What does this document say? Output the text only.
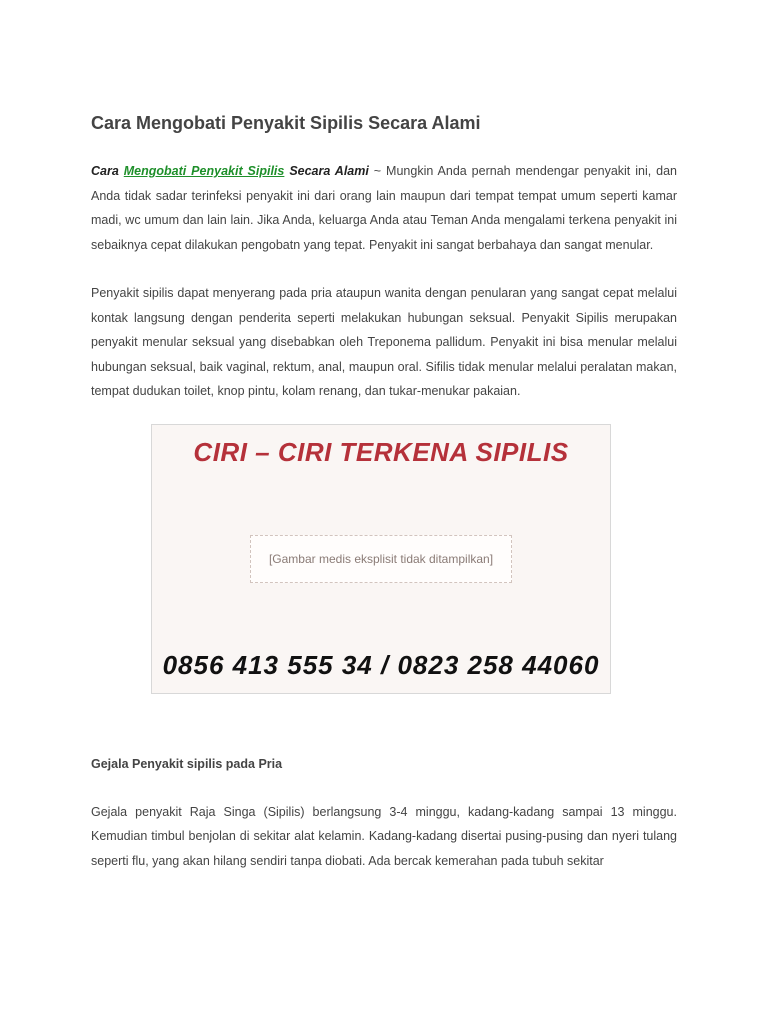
Cara Mengobati Penyakit Sipilis Secara Alami

Cara Mengobati Penyakit Sipilis Secara Alami ~ Mungkin Anda pernah mendengar penyakit ini, dan Anda tidak sadar terinfeksi penyakit ini dari orang lain maupun dari tempat tempat umum seperti kamar madi, wc umum dan lain lain. Jika Anda, keluarga Anda atau Teman Anda mengalami terkena penyakit ini sebaiknya cepat dilakukan pengobatn yang tepat. Penyakit ini sangat berbahaya dan sangat menular.

Penyakit sipilis dapat menyerang pada pria ataupun wanita dengan penularan yang sangat cepat melalui kontak langsung dengan penderita seperti melakukan hubungan seksual. Penyakit Sipilis merupakan penyakit menular seksual yang disebabkan oleh Treponema pallidum. Penyakit ini bisa menular melalui hubungan seksual, baik vaginal, rektum, anal, maupun oral. Sifilis tidak menular melalui peralatan makan, tempat dudukan toilet, knop pintu, kolam renang, dan tukar-menukar pakaian.

CIRI – CIRI TERKENA SIPILIS
[Gambar medis eksplisit tidak ditampilkan]
0856 413 555 34 / 0823 258 44060
Gejala Penyakit sipilis pada Pria

Gejala penyakit Raja Singa (Sipilis) berlangsung 3-4 minggu, kadang-kadang sampai 13 minggu. Kemudian timbul benjolan di sekitar alat kelamin. Kadang-kadang disertai pusing-pusing dan nyeri tulang seperti flu, yang akan hilang sendiri tanpa diobati. Ada bercak kemerahan pada tubuh sekitar
